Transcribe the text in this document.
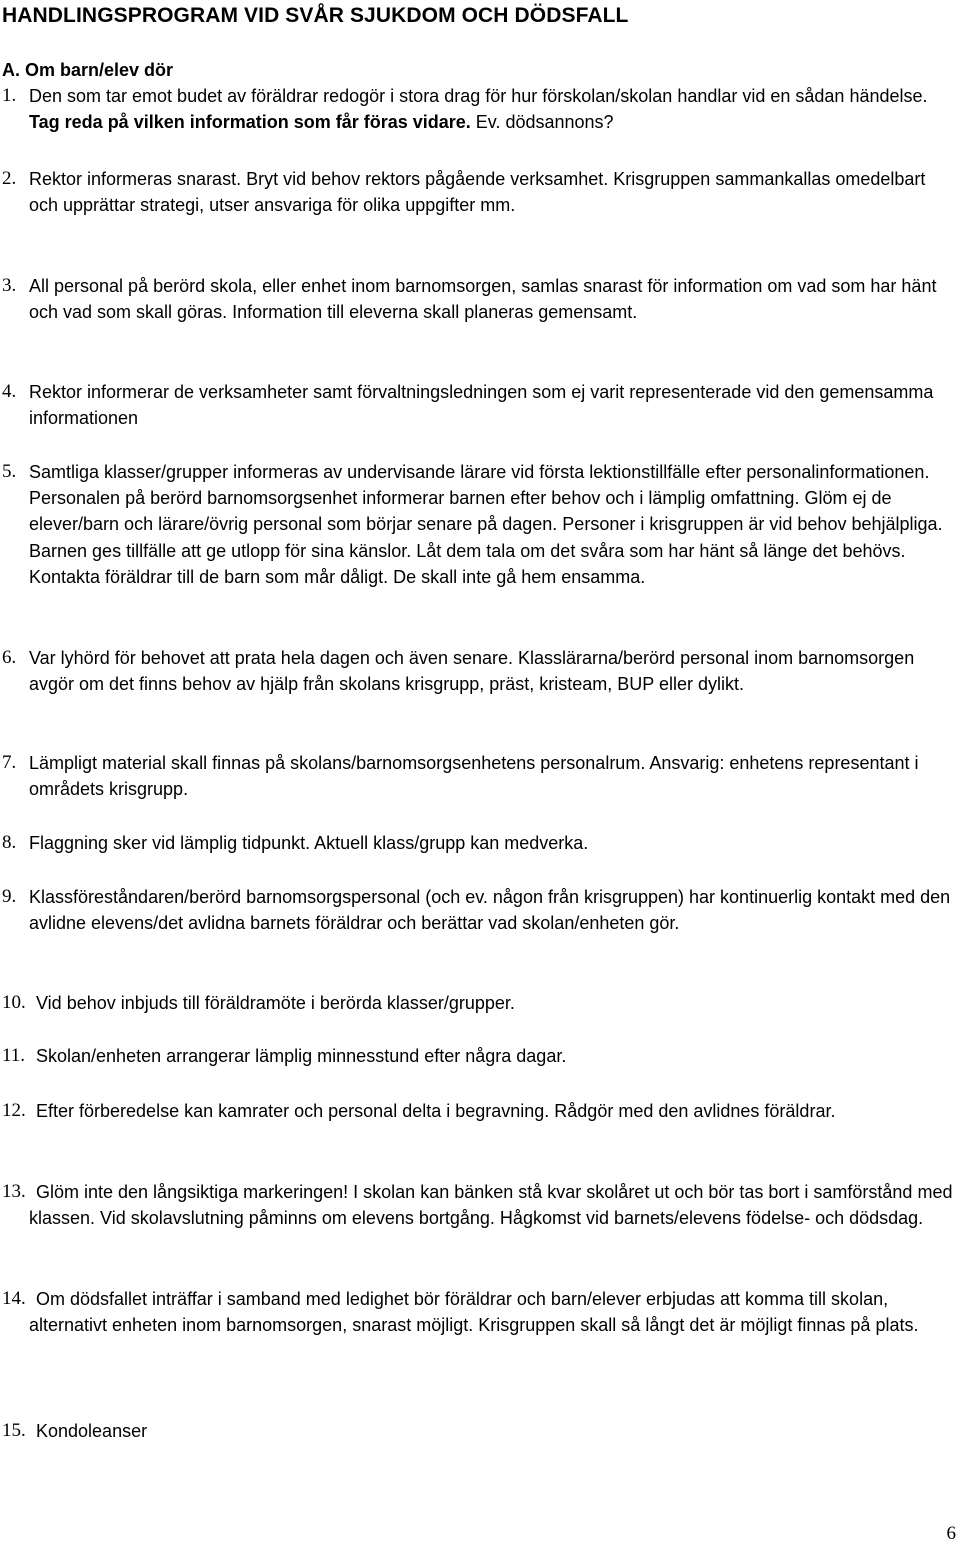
HANDLINGSPROGRAM VID SVÅR SJUKDOM OCH DÖDSFALL
A. Om barn/elev dör
1. Den som tar emot budet av föräldrar redogör i stora drag för hur förskolan/skolan handlar vid en sådan händelse. Tag reda på vilken information som får föras vidare. Ev. dödsannons?
2. Rektor informeras snarast. Bryt vid behov rektors pågående verksamhet. Krisgruppen sammankallas omedelbart och upprättar strategi, utser ansvariga för olika uppgifter mm.
3. All personal på berörd skola, eller enhet inom barnomsorgen, samlas snarast för information om vad som har hänt och vad som skall göras. Information till eleverna skall planeras gemensamt.
4. Rektor informerar de verksamheter samt förvaltningsledningen som ej varit representerade vid den gemensamma informationen
5. Samtliga klasser/grupper informeras av undervisande lärare vid första lektionstillfälle efter personalinformationen. Personalen på berörd barnomsorgsenhet informerar barnen efter behov och i lämplig omfattning. Glöm ej de elever/barn och lärare/övrig personal som börjar senare på dagen. Personer i krisgruppen är vid behov behjälpliga. Barnen ges tillfälle att ge utlopp för sina känslor. Låt dem tala om det svåra som har hänt så länge det behövs. Kontakta föräldrar till de barn som mår dåligt. De skall inte gå hem ensamma.
6. Var lyhörd för behovet att prata hela dagen och även senare. Klasslärarna/berörd personal inom barnomsorgen avgör om det finns behov av hjälp från skolans krisgrupp, präst, kristeam, BUP eller dylikt.
7. Lämpligt material skall finnas på skolans/barnomsorgsenhetens personalrum. Ansvarig: enhetens representant i områdets krisgrupp.
8. Flaggning sker vid lämplig tidpunkt. Aktuell klass/grupp kan medverka.
9. Klassföreståndaren/berörd barnomsorgspersonal (och ev. någon från krisgruppen) har kontinuerlig kontakt med den avlidne elevens/det avlidna barnets föräldrar och berättar vad skolan/enheten gör.
10. Vid behov inbjuds till föräldramöte i berörda klasser/grupper.
11. Skolan/enheten arrangerar lämplig minnesstund efter några dagar.
12. Efter förberedelse kan kamrater och personal delta i begravning. Rådgör med den avlidnes föräldrar.
13. Glöm inte den långsiktiga markeringen! I skolan kan bänken stå kvar skolåret ut och bör tas bort i samförstånd med klassen. Vid skolavslutning påminns om elevens bortgång. Hågkomst vid barnets/elevens födelse- och dödsdag.
14. Om dödsfallet inträffar i samband med ledighet bör föräldrar och barn/elever erbjudas att komma till skolan, alternativt enheten inom barnomsorgen, snarast möjligt. Krisgruppen skall så långt det är möjligt finnas på plats.
15. Kondoleanser
6
